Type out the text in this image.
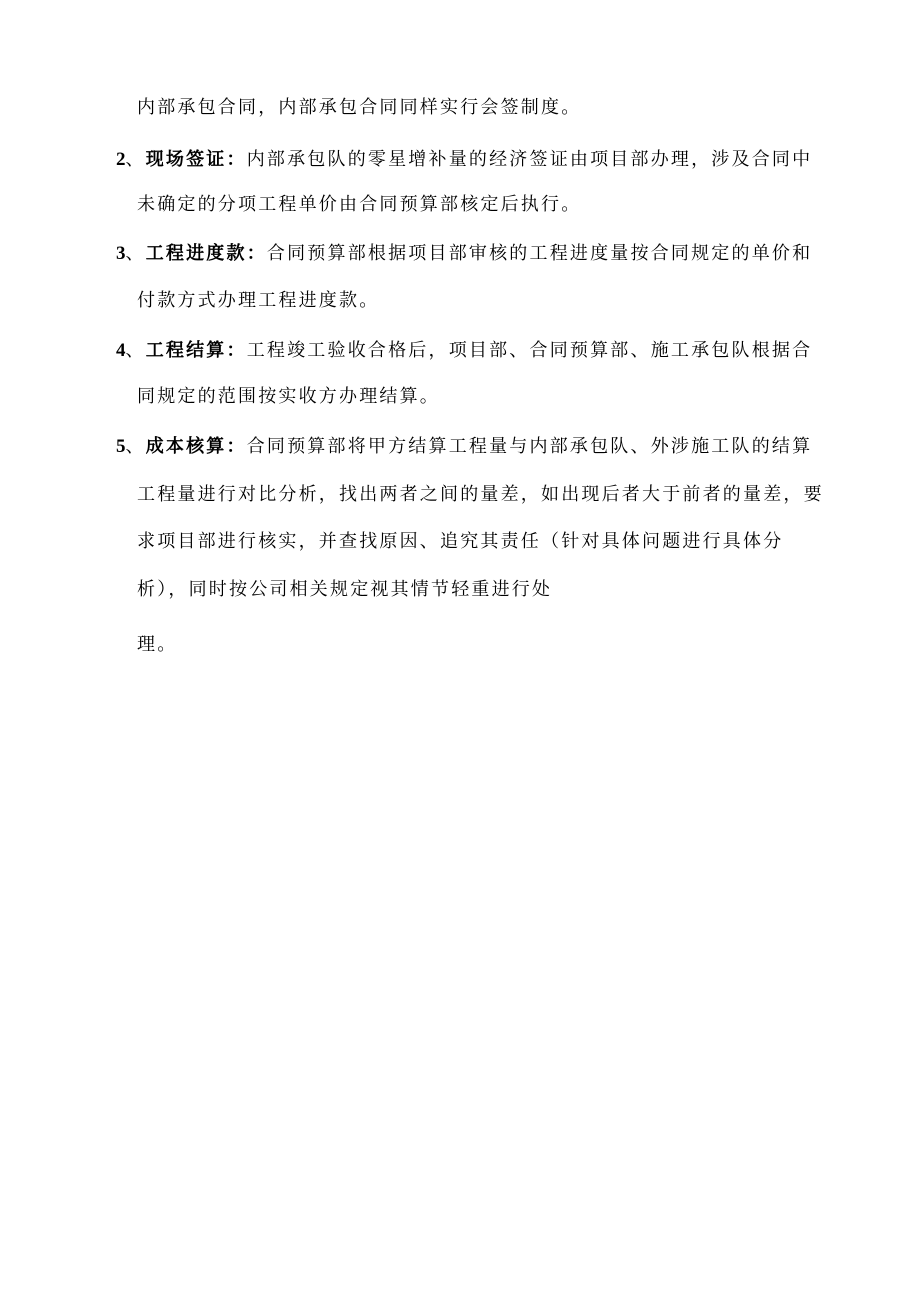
内部承包合同，内部承包合同同样实行会签制度。
2、现场签证：内部承包队的零星增补量的经济签证由项目部办理，涉及合同中
未确定的分项工程单价由合同预算部核定后执行。
3、工程进度款：合同预算部根据项目部审核的工程进度量按合同规定的单价和
付款方式办理工程进度款。
4、工程结算：工程竣工验收合格后，项目部、合同预算部、施工承包队根据合
同规定的范围按实收方办理结算。
5、成本核算：合同预算部将甲方结算工程量与内部承包队、外涉施工队的结算
工程量进行对比分析，找出两者之间的量差，如出现后者大于前者的量差，要
求项目部进行核实，并查找原因、追究其责任（针对具体问题进行具体分
析），同时按公司相关规定视其情节轻重进行处
理。
